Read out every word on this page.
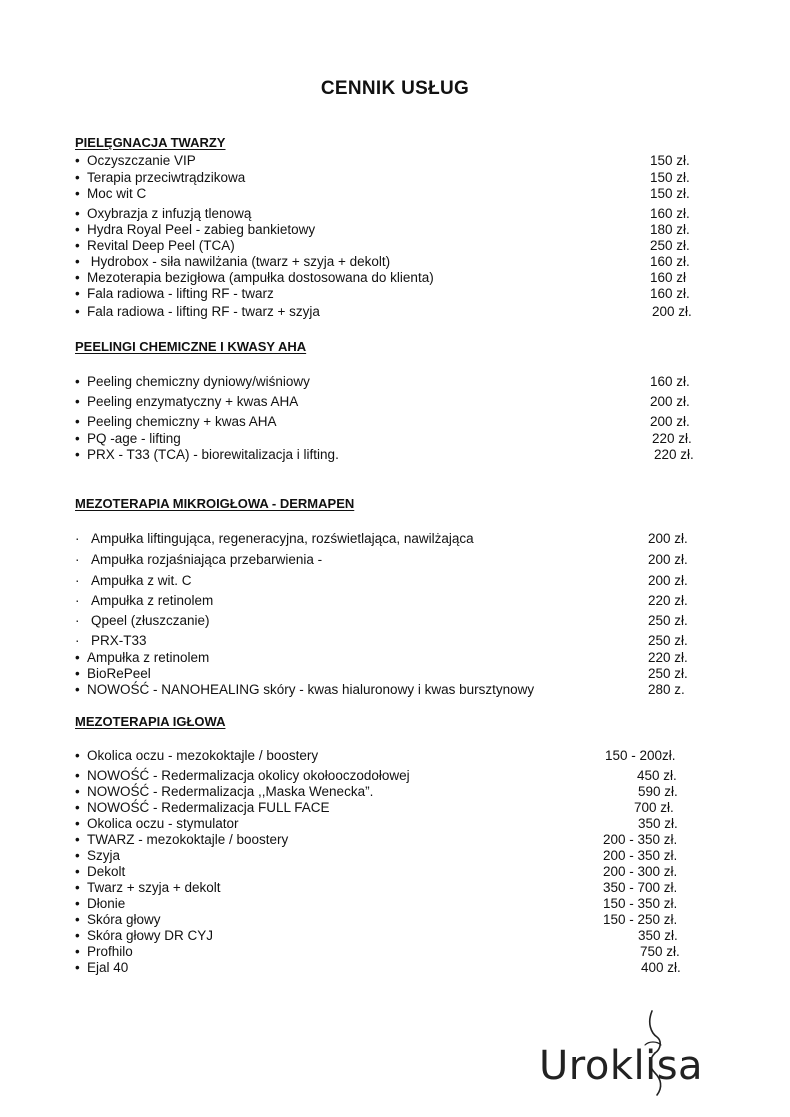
CENNIK USŁUG
PIELĘGNACJA TWARZY
• Oczyszczanie VIP	150 zł.
• Terapia przeciwtrądzikowa	150 zł.
• Moc wit C	150 zł.
• Oxybrazja z infuzją tlenową	160 zł.
• Hydra Royal Peel - zabieg bankietowy	180 zł.
• Revital Deep Peel (TCA)	250 zł.
• Hydrobox - siła nawilżania (twarz + szyja + dekolt)	160 zł.
• Mezoterapia bezigłowa (ampułka dostosowana do klienta)	160 zł
• Fala radiowa - lifting RF - twarz	160 zł.
• Fala radiowa - lifting RF - twarz + szyja	200 zł.
PEELINGI CHEMICZNE I KWASY AHA
• Peeling chemiczny dyniowy/wiśniowy	160 zł.
• Peeling enzymatyczny + kwas AHA	200 zł.
• Peeling chemiczny + kwas AHA	200 zł.
• PQ -age - lifting	220 zł.
• PRX - T33 (TCA) - biorewitalizacja i lifting.	220 zł.
MEZOTERAPIA MIKROIGŁOWA - DERMAPEN
· Ampułka liftingująca, regeneracyjna, rozświetlająca, nawilżająca	200 zł.
· Ampułka rozjaśniająca przebarwienia -	200 zł.
· Ampułka z wit. C	200 zł.
· Ampułka z retinolem	220 zł.
· Qpeel (złuszczanie)	250 zł.
· PRX-T33	250 zł.
• Ampułka z retinolem	220 zł.
• BioRePeel	250 zł.
• NOWOŚĆ - NANOHEALING skóry - kwas hialuronowy i kwas bursztynowy	280 z.
MEZOTERAPIA IGŁOWA
• Okolica oczu - mezokoktajle / boostery	150 - 200zł.
• NOWOŚĆ - Redermalizacja okolicy okołooczodołowej	450 zł.
• NOWOŚĆ - Redermalizacja ,,Maska Wenecka”.	590 zł.
• NOWOŚĆ - Redermalizacja FULL FACE	700 zł.
• Okolica oczu - stymulator	350 zł.
• TWARZ - mezokoktajle / boostery	200 - 350 zł.
• Szyja	200 - 350 zł.
• Dekolt	200 - 300 zł.
• Twarz + szyja + dekolt	350 - 700 zł.
• Dłonie	150 - 350 zł.
• Skóra głowy	150 - 250 zł.
• Skóra głowy DR CYJ	350 zł.
• Profhilo	750 zł.
• Ejal 40	400 zł.
Uroklisa
